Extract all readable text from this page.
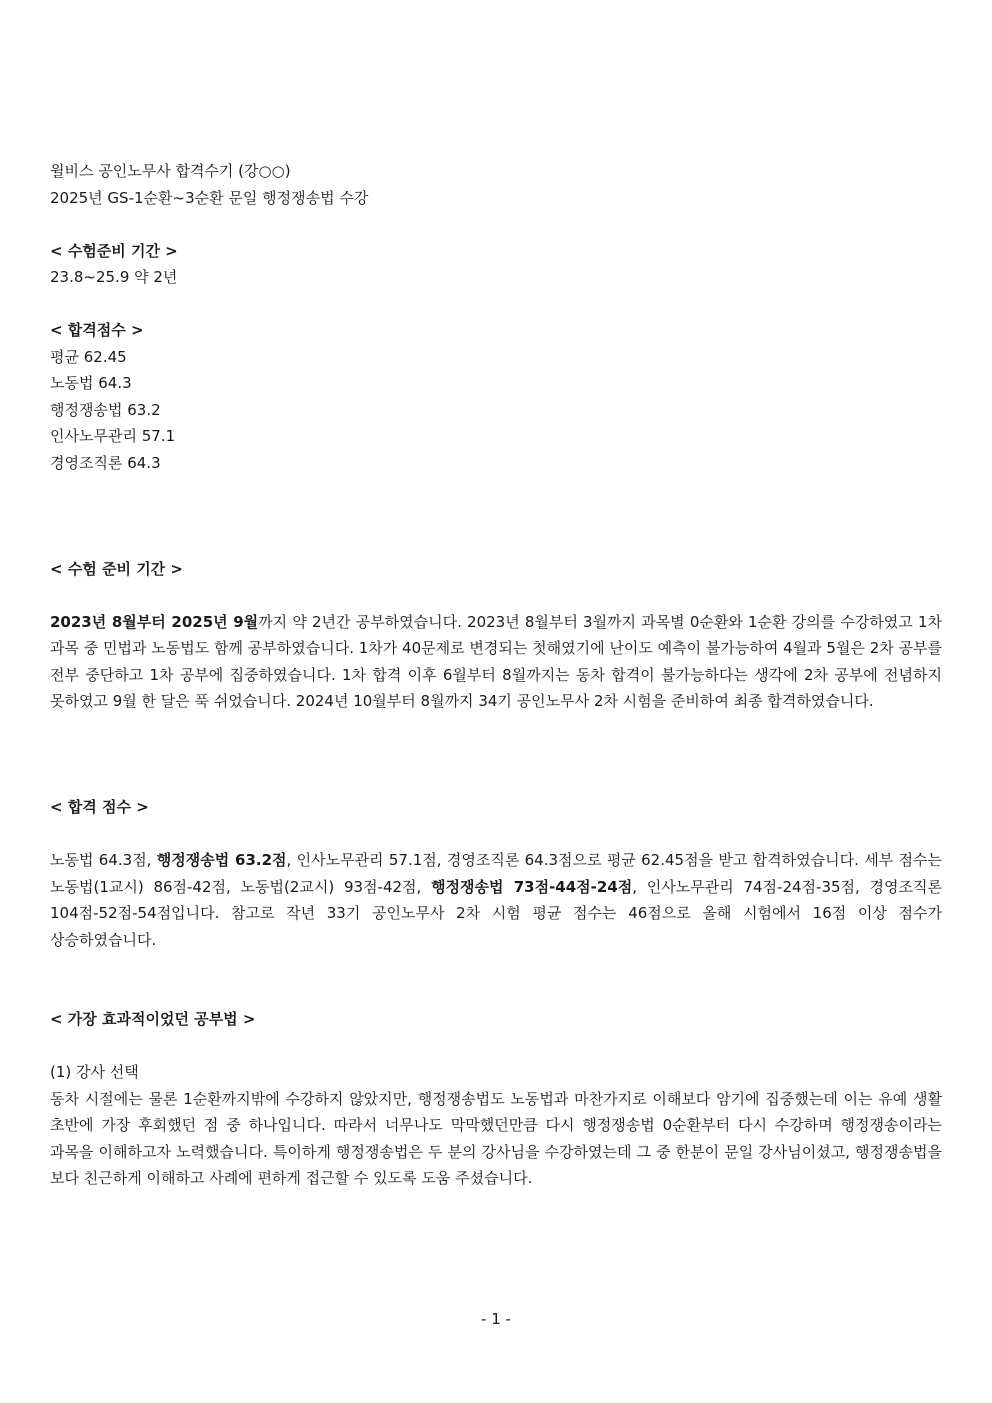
윌비스 공인노무사 합격수기 (강○○)
2025년 GS-1순환~3순환 문일 행정쟁송법 수강
< 수험준비 기간 >
23.8~25.9 약 2년
< 합격점수 >
평균 62.45
노동법 64.3
행정쟁송법 63.2
인사노무관리 57.1
경영조직론 64.3
< 수험 준비 기간 >
2023년 8월부터 2025년 9월까지 약 2년간 공부하였습니다. 2023년 8월부터 3월까지 과목별 0순환와 1순환 강의를 수강하였고 1차 과목 중 민법과 노동법도 함께 공부하였습니다. 1차가 40문제로 변경되는 첫해였기에 난이도 예측이 불가능하여 4월과 5월은 2차 공부를 전부 중단하고 1차 공부에 집중하였습니다. 1차 합격 이후 6월부터 8월까지는 동차 합격이 불가능하다는 생각에 2차 공부에 전념하지 못하였고 9월 한 달은 푹 쉬었습니다. 2024년 10월부터 8월까지 34기 공인노무사 2차 시험을 준비하여 최종 합격하였습니다.
< 합격 점수 >
노동법 64.3점, 행정쟁송법 63.2점, 인사노무관리 57.1점, 경영조직론 64.3점으로 평균 62.45점을 받고 합격하였습니다. 세부 점수는 노동법(1교시) 86점-42점, 노동법(2교시) 93점-42점, 행정쟁송법 73점-44점-24점, 인사노무관리 74점-24점-35점, 경영조직론 104점-52점-54점입니다. 참고로 작년 33기 공인노무사 2차 시험 평균 점수는 46점으로 올해 시험에서 16점 이상 점수가 상승하였습니다.
< 가장 효과적이었던 공부법 >
(1) 강사 선택
동차 시절에는 물론 1순환까지밖에 수강하지 않았지만, 행정쟁송법도 노동법과 마찬가지로 이해보다 암기에 집중했는데 이는 유예 생활 초반에 가장 후회했던 점 중 하나입니다. 따라서 너무나도 막막했던만큼 다시 행정쟁송법 0순환부터 다시 수강하며 행정쟁송이라는 과목을 이해하고자 노력했습니다. 특이하게 행정쟁송법은 두 분의 강사님을 수강하였는데 그 중 한분이 문일 강사님이셨고, 행정쟁송법을 보다 친근하게 이해하고 사례에 편하게 접근할 수 있도록 도움 주셨습니다.
- 1 -
